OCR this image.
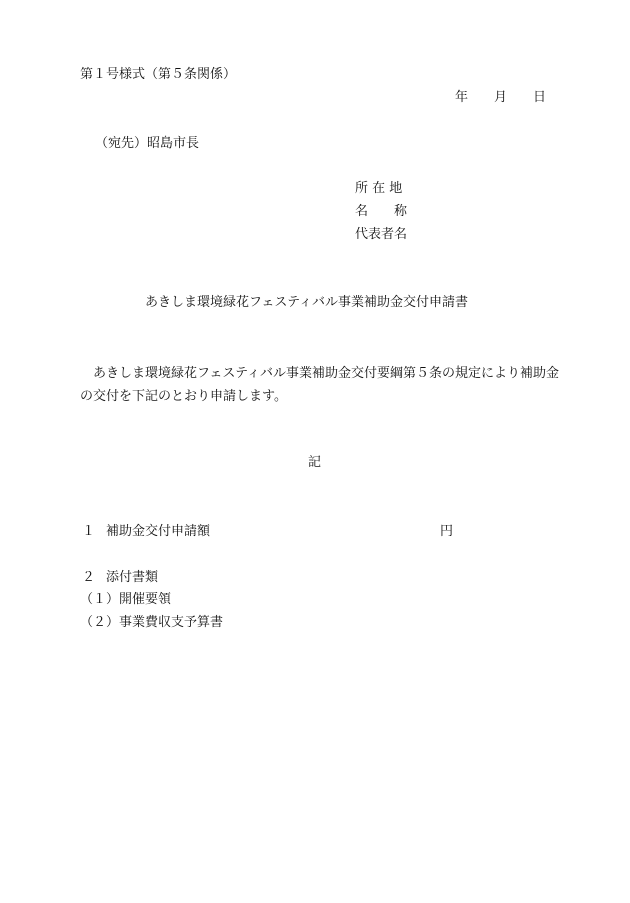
第１号様式（第５条関係）
年　　月　　日
（宛先）昭島市長
所 在 地
名　　称
代表者名
あきしま環境緑花フェスティバル事業補助金交付申請書
あきしま環境緑花フェスティバル事業補助金交付要綱第５条の規定により補助金の交付を下記のとおり申請します。
記
１ 補助金交付申請額	円
２ 添付書類
（１）開催要領
（２）事業費収支予算書
